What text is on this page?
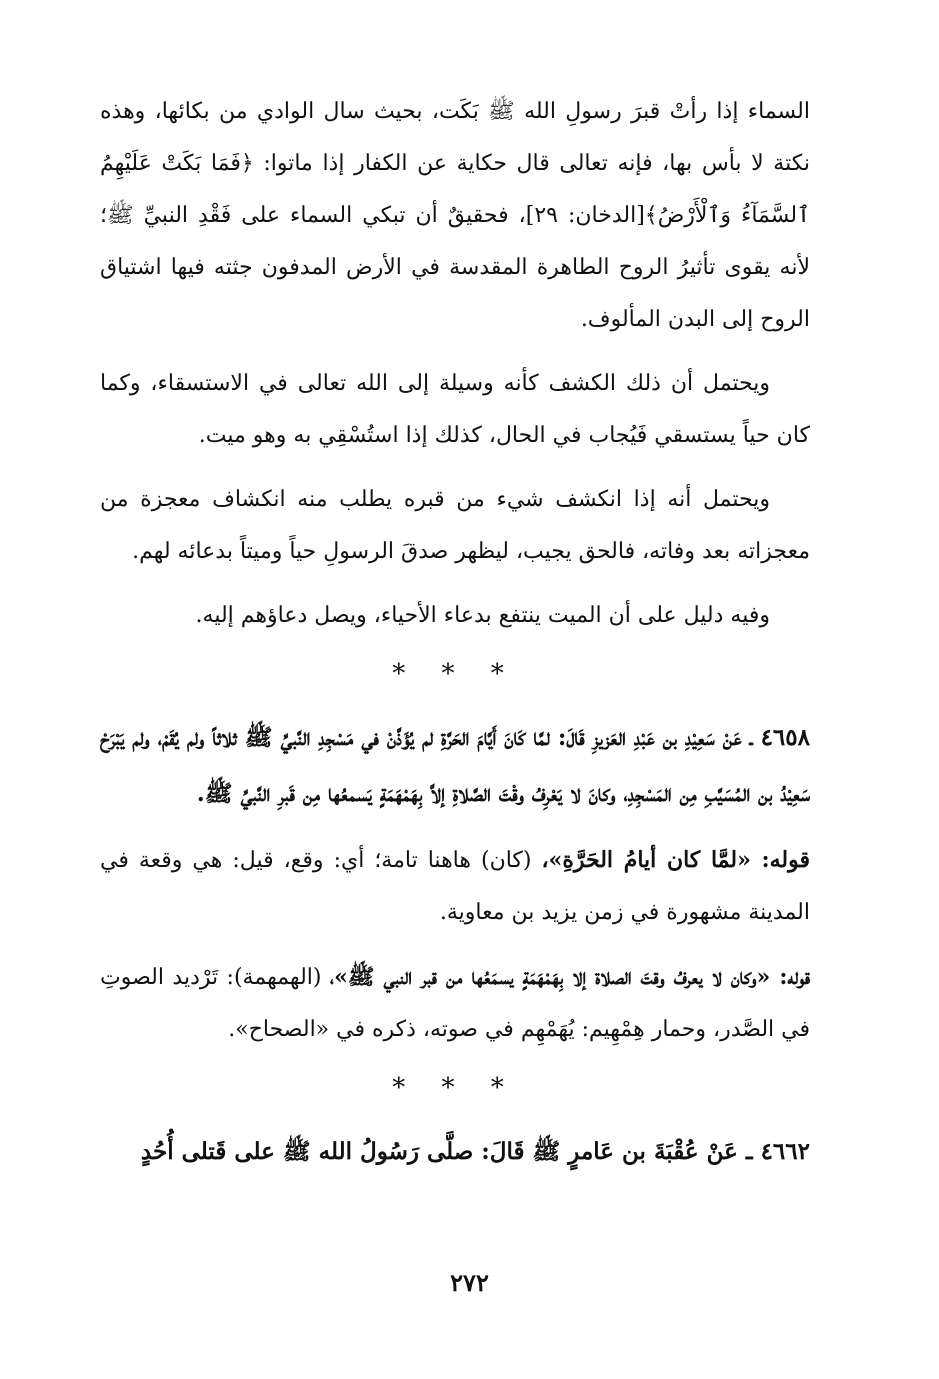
السماء إذا رأتْ قبرَ رسولِ الله ﷺ بَكَت، بحيث سال الوادي من بكائها، وهذه نكتة لا بأس بها، فإنه تعالى قال حكاية عن الكفار إذا ماتوا: ﴿فَمَا بَكَتْ عَلَيْهِمُ ٱلسَّمَآءُ وَٱلْأَرْضُ﴾[الدخان: ٢٩]، فحقيقٌ أن تبكي السماء على فَقْدِ النبيِّ ﷺ؛ لأنه يقوى تأثيرُ الروح الطاهرة المقدسة في الأرض المدفون جثته فيها اشتياق الروح إلى البدن المألوف.

ويحتمل أن ذلك الكشف كأنه وسيلة إلى الله تعالى في الاستسقاء، وكما كان حياً يستسقي فَيُجاب في الحال، كذلك إذا استُسْقِي به وهو ميت.

ويحتمل أنه إذا انكشف شيء من قبره يطلب منه انكشاف معجزة من معجزاته بعد وفاته، فالحق يجيب، ليظهر صدقَ الرسولِ حياً وميتاً بدعائه لهم.

وفيه دليل على أن الميت ينتفع بدعاء الأحياء، ويصل دعاؤهم إليه.

* * *

٤٦٥٨ ـ عَنْ سَعِيْدِ بن عَبْدِ العَزيزِ قَالَ: لمَّا كَانَ أَيَّامَ الحَرَّةِ لم يُؤَذَّنْ في مَسْجِدِ النَّبيِّ ﷺ ثلاثاً ولم يُقَمْ، ولم يَبْرَحْ سَعِيْدُ بن المُسَيَّبِ مِن المَسْجِدِ، وكانَ لا يَعْرِفُ وقْتَ الصَّلاةِ إلاَّ بِهَمْهَمَةٍ يَسمعُها مِن قَبرِ النَّبيِّ ﷺ.

قوله: «لمَّا كان أيامُ الحَرَّةِ»، (كان) هاهنا تامة؛ أي: وقع، قيل: هي وقعة في المدينة مشهورة في زمن يزيد بن معاوية.

قوله: «وكان لا يعرفُ وقتَ الصلاة إلا بِهَمْهَمَةٍ يسمَعُها من قبر النبي ﷺ»، (الهمهمة): تَرْديد الصوتِ في الصَّدر، وحمار هِمْهِيم: يُهَمْهِم في صوته، ذكره في «الصحاح».

* * *

٤٦٦٢ ـ عَنْ عُقْبَةَ بن عَامرٍ ﷺ قَالَ: صلَّى رَسُولُ الله ﷺ على قَتلى أُحُدٍ

٢٧٢
